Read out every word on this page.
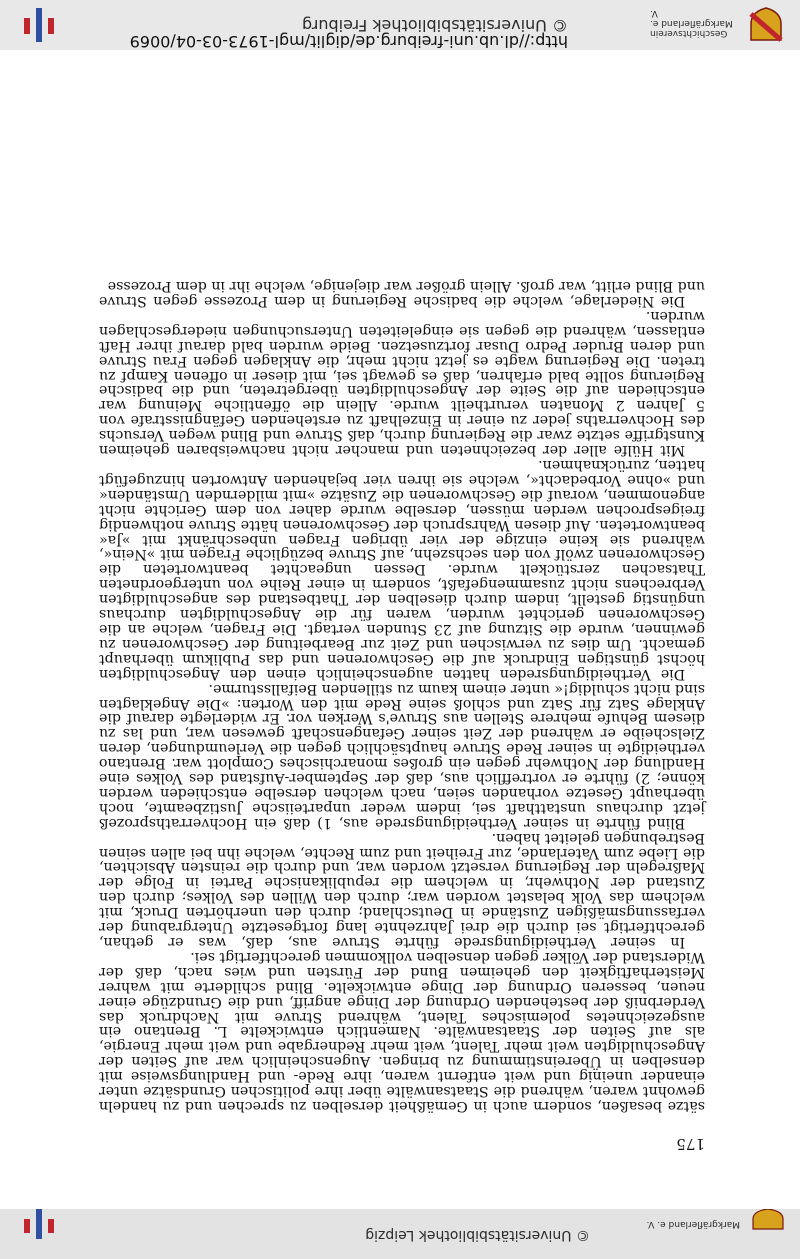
http://dl.ub.uni-freiburg.de/diglit/mgl-1973-03-04/0069
© Universitätsbibliothek Freiburg	Geschichtsverein Markgräflerland e. V.
© Universitätsbibliothek Leipzig
Markgräflerland e. V.
175

sätze besaßen, sondern auch in Gemäßheit derselben zu sprechen und zu handeln gewohnt waren, während die Staatsanwälte über ihre politischen Grundsätze unter einander uneinig und weit entfernt waren, ihre Rede- und Handlungsweise mit denselben in Übereinstimmung zu bringen. Augenscheinlich war auf Seiten der Angeschuldigten weit mehr Talent, weit mehr Rednergabe und weit mehr Energie, als auf Seiten der Staatsanwälte. Namentlich entwickelte L. Brentano ein ausgezeichnetes polemisches Talent, während Struve mit Nachdruck das Verderbniß der bestehenden Ordnung der Dinge angriff, und die Grundzüge einer neuen, besseren Ordnung der Dinge entwickelte. Blind schilderte mit wahrer Meisterhaftigkeit den geheimen Bund der Fürsten und wies nach, daß der Widerstand der Völker gegen denselben vollkommen gerechtfertigt sei.

In seiner Vertheidigungsrede führte Struve aus, daß, was er gethan, gerechtfertigt sei durch die drei Jahrzehnte lang fortgesetzte Untergrabung der verfassungsmäßigen Zustände in Deutschland; durch den unerhörten Druck, mit welchem das Volk belastet worden war; durch den Willen des Volkes; durch den Zustand der Nothwehr, in welchem die republikanische Partei in Folge der Maßregeln der Regierung versetzt worden war, und durch die reinsten Absichten, die Liebe zum Vaterlande, zur Freiheit und zum Rechte, welche ihn bei allen seinen Bestrebungen geleitet haben.

Blind führte in seiner Vertheidigungsrede aus, 1) daß ein Hochverrathsprozeß jetzt durchaus unstatthaft sei, indem weder unparteiische Justizbeamte, noch überhaupt Gesetze vorhanden seien, nach welchen derselbe entschieden werden könne; 2) führte er vortrefflich aus, daß der September-Aufstand des Volkes eine Handlung der Nothwehr gegen ein großes monarchisches Complott war. Brentano vertheidigte in seiner Rede Struve hauptsächlich gegen die Verleumdungen, deren Zielscheibe er während der Zeit seiner Gefangenschaft gewesen war, und las zu diesem Behufe mehrere Stellen aus Struve's Werken vor. Er widerlegte darauf die Anklage Satz für Satz und schloß seine Rede mit den Worten: »Die Angeklagten sind nicht schuldig!« unter einem kaum zu stillenden Beifallssturme.

Die Vertheidigungsreden hatten augenscheinlich einen den Angeschuldigten höchst günstigen Eindruck auf die Geschworenen und das Publikum überhaupt gemacht. Um dies zu verwischen und Zeit zur Bearbeitung der Geschworenen zu gewinnen, wurde die Sitzung auf 23 Stunden vertagt. Die Fragen, welche an die Geschworenen gerichtet wurden, waren für die Angeschuldigten durchaus ungünstig gestellt, indem durch dieselben der Thatbestand des angeschuldigten Verbrechens nicht zusammengefaßt, sondern in einer Reihe von untergeordneten Thatsachen zerstückelt wurde. Dessen ungeachtet beantworteten die Geschworenen zwölf von den sechszehn, auf Struve bezügliche Fragen mit »Nein«, während sie keine einzige der vier übrigen Fragen unbeschränkt mit »Ja« beantworteten. Auf diesen Wahrspruch der Geschworenen hätte Struve nothwendig freigesprochen werden müssen, derselbe wurde daher von dem Gerichte nicht angenommen, worauf die Geschworenen die Zusätze »mit mildernden Umständen« und »ohne Vorbedacht«, welche sie ihren vier bejahenden Antworten hinzugefügt hatten, zurücknahmen.

Mit Hülfe aller der bezeichneten und mancher nicht nachweisbaren geheimen Kunstgriffe setzte zwar die Regierung durch, daß Struve und Blind wegen Versuchs des Hochverraths jeder zu einer in Einzelhaft zu erstehenden Gefängnisstrafe von 5 Jahren 2 Monaten verurtheilt wurde. Allein die öffentliche Meinung war entschieden auf die Seite der Angeschuldigten übergetreten, und die badische Regierung sollte bald erfahren, daß es gewagt sei, mit dieser in offenen Kampf zu treten. Die Regierung wagte es jetzt nicht mehr, die Anklagen gegen Frau Struve und deren Bruder Pedro Dusar fortzusetzen. Beide wurden bald darauf ihrer Haft entlassen, während die gegen sie eingeleiteten Untersuchungen niedergeschlagen wurden.

Die Niederlage, welche die badische Regierung in dem Prozesse gegen Struve und Blind erlitt, war groß. Allein größer war diejenige, welche ihr in dem Prozesse
